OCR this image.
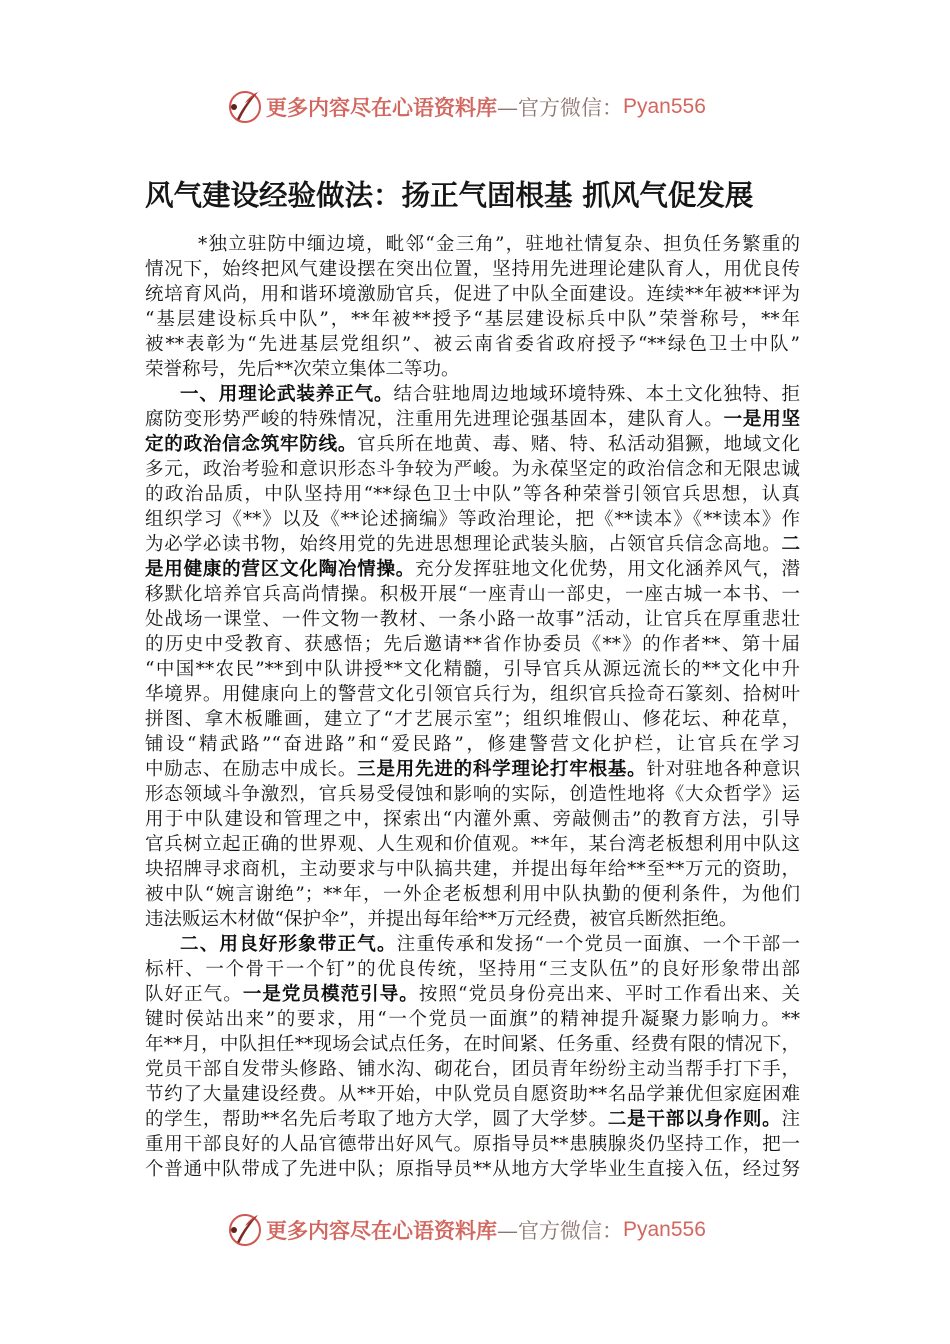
更多内容尽在心语资料库 —官方微信： Pyan556
风气建设经验做法：扬正气固根基 抓风气促发展
*独立驻防中缅边境，毗邻“金三角”，驻地社情复杂、担负任务繁重的
情况下，始终把风气建设摆在突出位置，坚持用先进理论建队育人，用优良传
统培育风尚，用和谐环境激励官兵，促进了中队全面建设。连续**年被**评为
“基层建设标兵中队”，**年被**授予“基层建设标兵中队”荣誉称号，**年
被**表彰为“先进基层党组织”、被云南省委省政府授予“**绿色卫士中队”
荣誉称号，先后**次荣立集体二等功。
一、用理论武装养正气。结合驻地周边地域环境特殊、本土文化独特、拒
腐防变形势严峻的特殊情况，注重用先进理论强基固本，建队育人。一是用坚
定的政治信念筑牢防线。官兵所在地黄、毒、赌、特、私活动猖獗，地域文化
多元，政治考验和意识形态斗争较为严峻。为永葆坚定的政治信念和无限忠诚
的政治品质，中队坚持用“**绿色卫士中队”等各种荣誉引领官兵思想，认真
组织学习《**》以及《**论述摘编》等政治理论，把《**读本》《**读本》作
为必学必读书物，始终用党的先进思想理论武装头脑，占领官兵信念高地。二
是用健康的营区文化陶冶情操。充分发挥驻地文化优势，用文化涵养风气，潜
移默化培养官兵高尚情操。积极开展“一座青山一部史，一座古城一本书、一
处战场一课堂、一件文物一教材、一条小路一故事”活动，让官兵在厚重悲壮
的历史中受教育、获感悟；先后邀请**省作协委员《**》的作者**、第十届
“中国**农民”**到中队讲授**文化精髓，引导官兵从源远流长的**文化中升
华境界。用健康向上的警营文化引领官兵行为，组织官兵捡奇石篆刻、拾树叶
拼图、拿木板雕画，建立了“才艺展示室”；组织堆假山、修花坛、种花草，
铺设“精武路”“奋进路”和“爱民路”，修建警营文化护栏，让官兵在学习
中励志、在励志中成长。三是用先进的科学理论打牢根基。针对驻地各种意识
形态领域斗争激烈，官兵易受侵蚀和影响的实际，创造性地将《大众哲学》运
用于中队建设和管理之中，探索出“内灌外熏、旁敲侧击”的教育方法，引导
官兵树立起正确的世界观、人生观和价值观。**年，某台湾老板想利用中队这
块招牌寻求商机，主动要求与中队搞共建，并提出每年给**至**万元的资助，
被中队“婉言谢绝”；**年，一外企老板想利用中队执勤的便利条件，为他们
违法贩运木材做“保护伞”，并提出每年给**万元经费，被官兵断然拒绝。
二、用良好形象带正气。注重传承和发扬“一个党员一面旗、一个干部一
标杆、一个骨干一个钉”的优良传统，坚持用“三支队伍”的良好形象带出部
队好正气。一是党员模范引导。按照“党员身份亮出来、平时工作看出来、关
键时侯站出来”的要求，用“一个党员一面旗”的精神提升凝聚力影响力。**
年**月，中队担任**现场会试点任务，在时间紧、任务重、经费有限的情况下，
党员干部自发带头修路、铺水沟、砌花台，团员青年纷纷主动当帮手打下手，
节约了大量建设经费。从**开始，中队党员自愿资助**名品学兼优但家庭困难
的学生，帮助**名先后考取了地方大学，圆了大学梦。二是干部以身作则。注
重用干部良好的人品官德带出好风气。原指导员**患胰腺炎仍坚持工作，把一
个普通中队带成了先进中队；原指导员**从地方大学毕业生直接入伍，经过努
更多内容尽在心语资料库 —官方微信： Pyan556
